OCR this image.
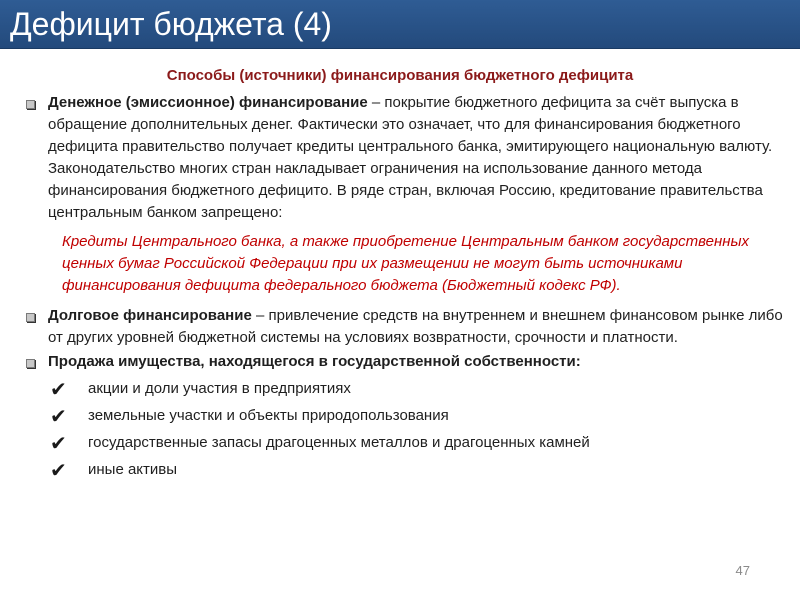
Дефицит бюджета (4)
Способы (источники) финансирования бюджетного дефицита
Денежное (эмиссионное) финансирование – покрытие бюджетного дефицита за счёт выпуска в обращение дополнительных денег. Фактически это означает, что для финансирования бюджетного дефицита правительство получает кредиты центрального банка, эмитирующего национальную валюту. Законодательство многих стран накладывает ограничения на использование данного метода финансирования бюджетного дефицито. В ряде стран, включая Россию, кредитование правительства центральным банком запрещено:
Кредиты Центрального банка, а также приобретение Центральным банком государственных ценных бумаг Российской Федерации при их размещении не могут быть источниками финансирования дефицита федерального бюджета (Бюджетный кодекс РФ).
Долговое финансирование – привлечение средств на внутреннем и внешнем финансовом рынке либо от других уровней бюджетной системы на условиях возвратности, срочности и платности.
Продажа имущества, находящегося в государственной собственности:
✔ акции и доли участия в предприятиях
✔ земельные участки и объекты природопользования
✔ государственные запасы драгоценных металлов и драгоценных камней
✔ иные активы
47
